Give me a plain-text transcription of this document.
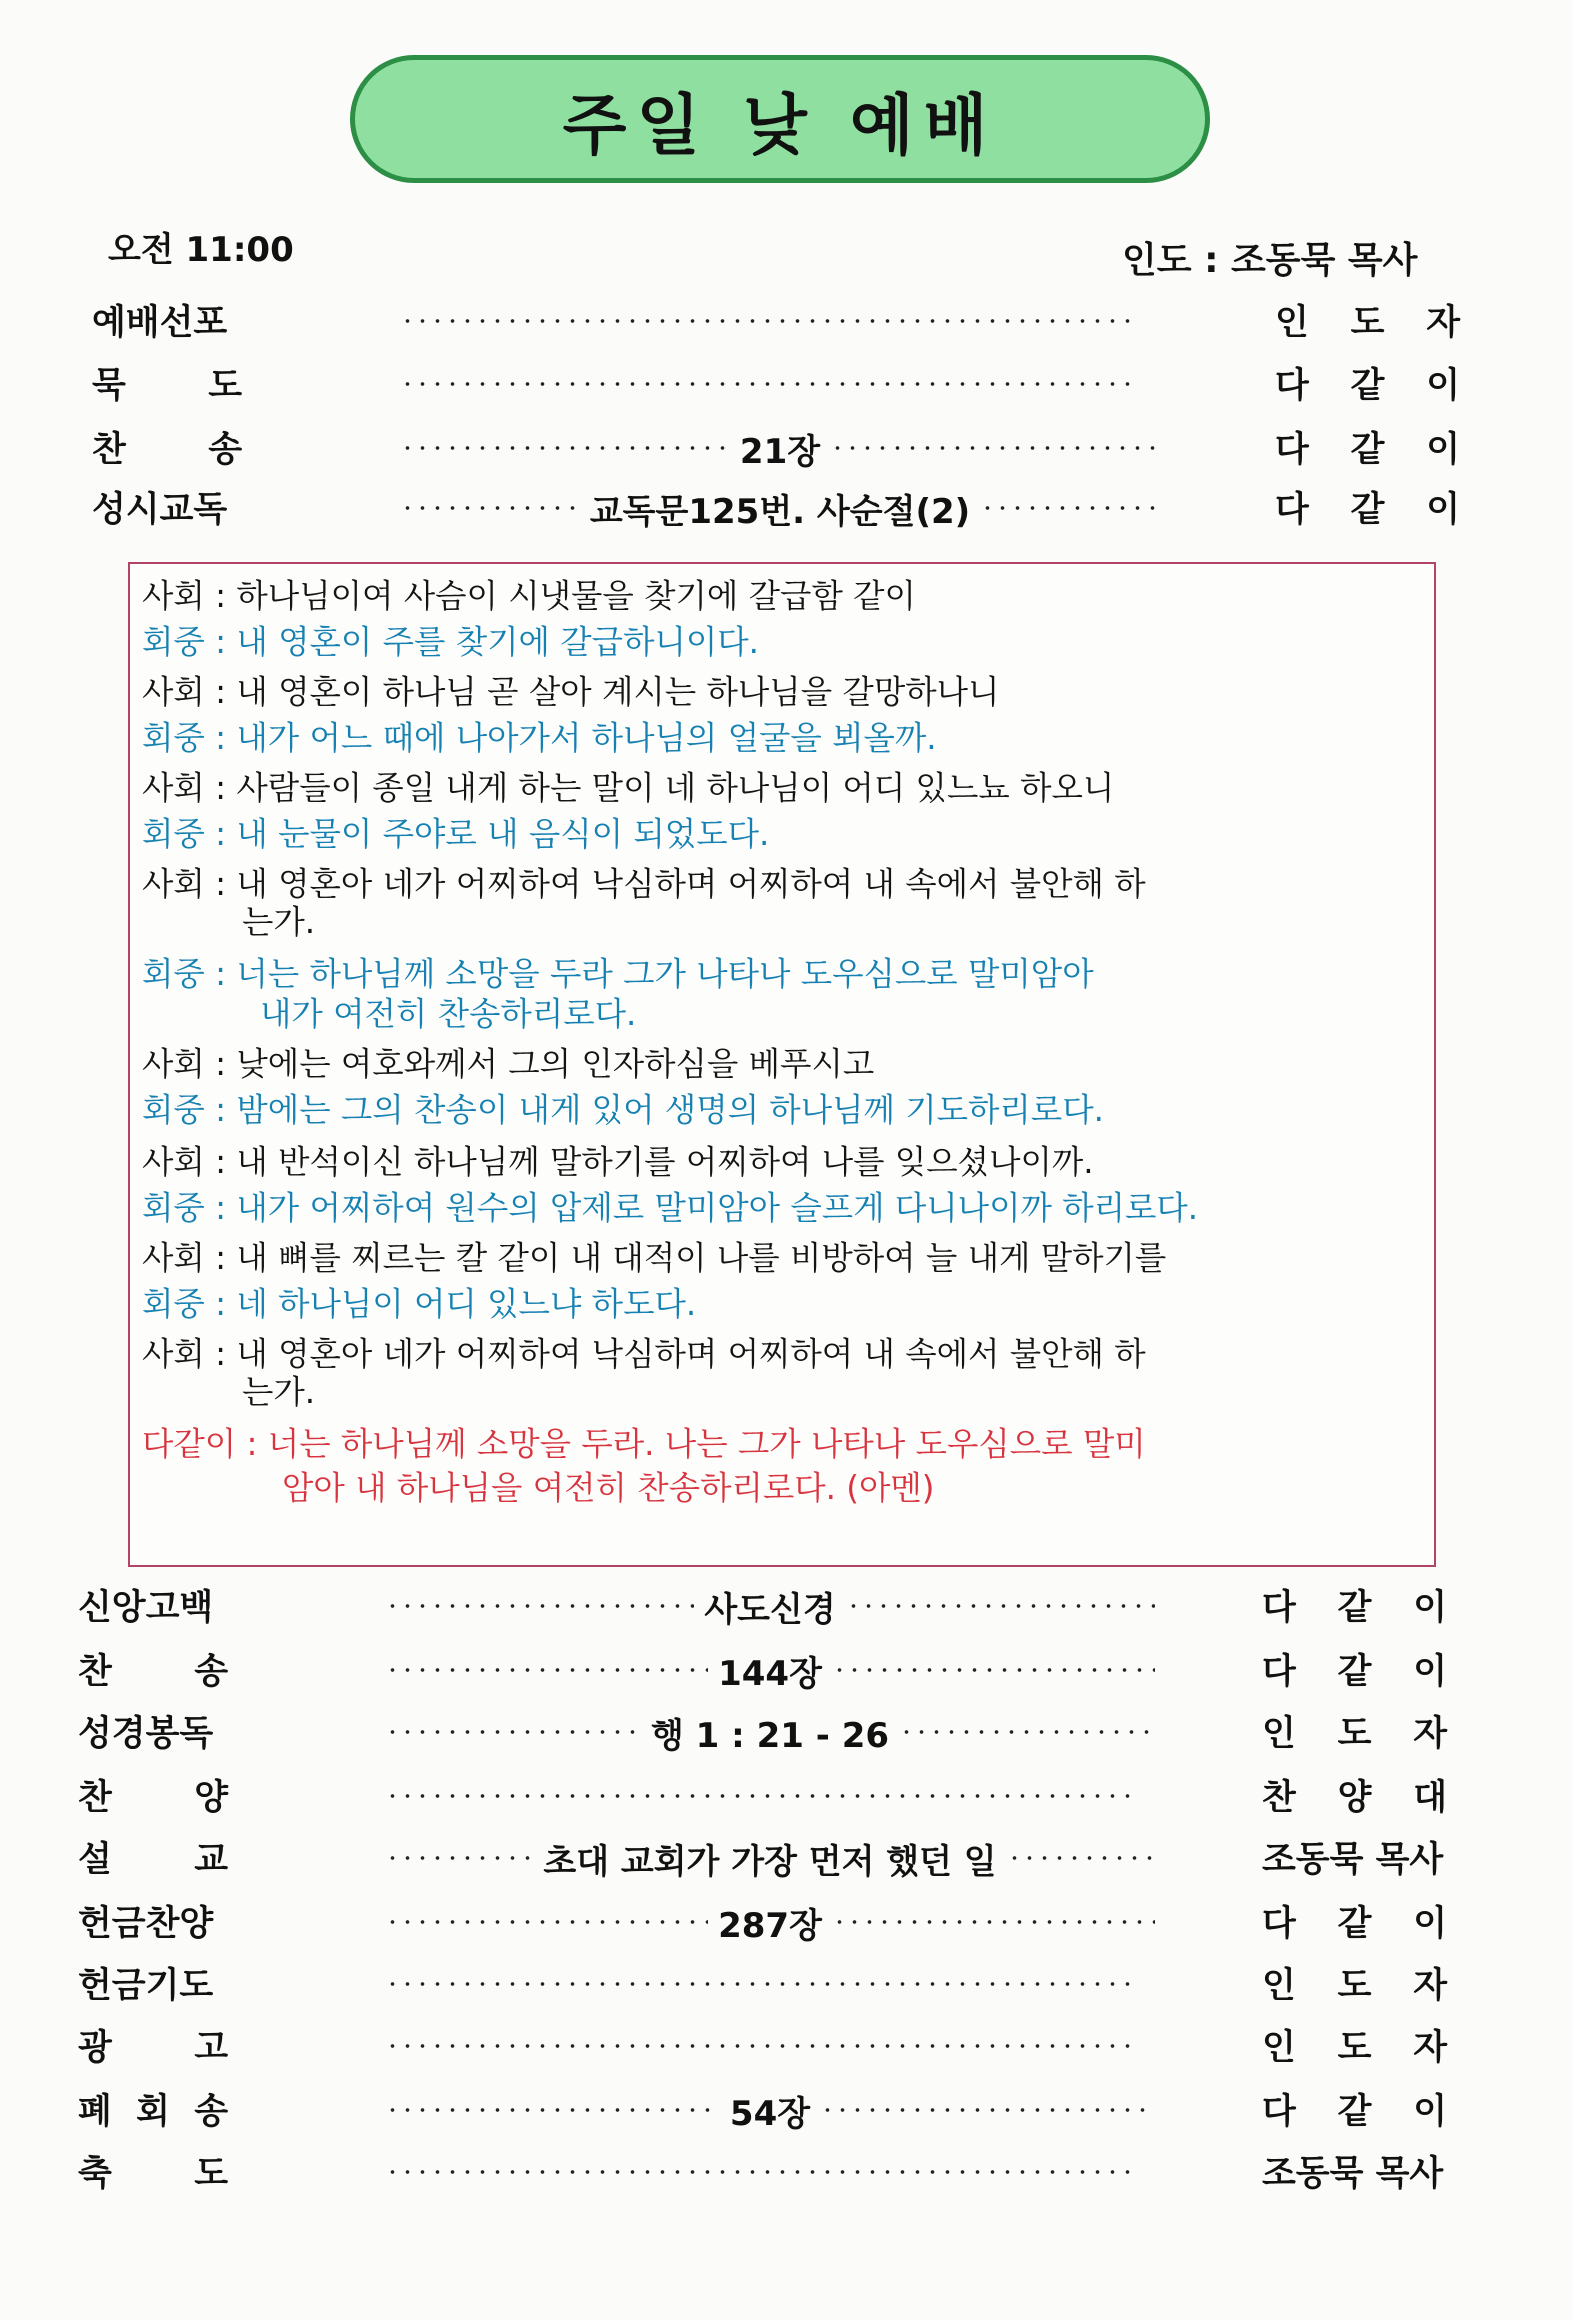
주일 낮 예배
오전 11:00	인도 : 조동묵 목사
예배선포	인 도 자
묵 도	다 같 이
찬 송	21장	다 같 이
성시교독	교독문125번. 사순절(2)	다 같 이
사회 : 하나님이여 사슴이 시냇물을 찾기에 갈급함 같이
회중 : 내 영혼이 주를 찾기에 갈급하니이다.
사회 : 내 영혼이 하나님 곧 살아 계시는 하나님을 갈망하나니
회중 : 내가 어느 때에 나아가서 하나님의 얼굴을 뵈올까.
사회 : 사람들이 종일 내게 하는 말이 네 하나님이 어디 있느뇨 하오니
회중 : 내 눈물이 주야로 내 음식이 되었도다.
사회 : 내 영혼아 네가 어찌하여 낙심하며 어찌하여 내 속에서 불안해 하
는가.
회중 : 너는 하나님께 소망을 두라 그가 나타나 도우심으로 말미암아
내가 여전히 찬송하리로다.
사회 : 낮에는 여호와께서 그의 인자하심을 베푸시고
회중 : 밤에는 그의 찬송이 내게 있어 생명의 하나님께 기도하리로다.
사회 : 내 반석이신 하나님께 말하기를 어찌하여 나를 잊으셨나이까.
회중 : 내가 어찌하여 원수의 압제로 말미암아 슬프게 다니나이까 하리로다.
사회 : 내 뼈를 찌르는 칼 같이 내 대적이 나를 비방하여 늘 내게 말하기를
회중 : 네 하나님이 어디 있느냐 하도다.
사회 : 내 영혼아 네가 어찌하여 낙심하며 어찌하여 내 속에서 불안해 하
는가.
다같이 : 너는 하나님께 소망을 두라. 나는 그가 나타나 도우심으로 말미
암아 내 하나님을 여전히 찬송하리로다. (아멘)
신앙고백	사도신경	다 같 이
찬 송	144장	다 같 이
성경봉독	행 1 : 21 - 26	인 도 자
찬 양	찬 양 대
설 교	초대 교회가 가장 먼저 했던 일	조동묵 목사
헌금찬양	287장	다 같 이
헌금기도	인 도 자
광 고	인 도 자
폐 회 송	54장	다 같 이
축 도	조동묵 목사
